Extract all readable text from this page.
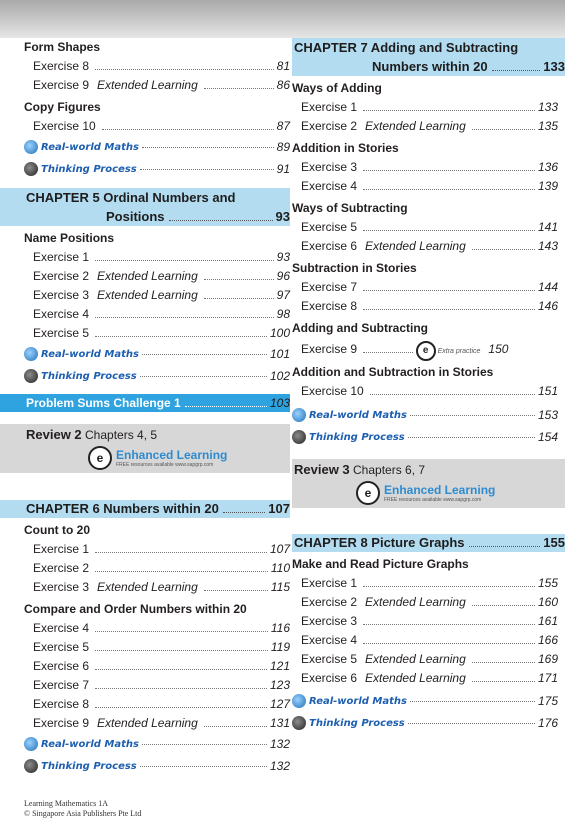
Form Shapes
Exercise 8	81
Exercise 9 Extended Learning	86
Copy Figures
Exercise 10	87
Real-world Maths	89
Thinking Process	91
CHAPTER 5 Ordinal Numbers and
Positions	93
Name Positions
Exercise 1	93
Exercise 2 Extended Learning	96
Exercise 3 Extended Learning	97
Exercise 4	98
Exercise 5	100
Real-world Maths	101
Thinking Process	102
Problem Sums Challenge 1	103
Review 2 Chapters 4, 5
e	Enhanced Learning
FREE resources available www.sapgrp.com
CHAPTER 6 Numbers within 20	107
Count to 20
Exercise 1	107
Exercise 2	110
Exercise 3 Extended Learning	115
Compare and Order Numbers within 20
Exercise 4	116
Exercise 5	119
Exercise 6	121
Exercise 7	123
Exercise 8	127
Exercise 9 Extended Learning	131
Real-world Maths	132
Thinking Process	132
CHAPTER 7 Adding and Subtracting
Numbers within 20	133
Ways of Adding
Exercise 1	133
Exercise 2 Extended Learning	135
Addition in Stories
Exercise 3	136
Exercise 4	139
Ways of Subtracting
Exercise 5	141
Exercise 6 Extended Learning	143
Subtraction in Stories
Exercise 7	144
Exercise 8	146
Adding and Subtracting
Exercise 9	e	Extra practice 150
Addition and Subtraction in Stories
Exercise 10	151
Real-world Maths	153
Thinking Process	154
Review 3 Chapters 6, 7
e	Enhanced Learning
FREE resources available www.sapgrp.com
CHAPTER 8 Picture Graphs	155
Make and Read Picture Graphs
Exercise 1	155
Exercise 2 Extended Learning	160
Exercise 3	161
Exercise 4	166
Exercise 5 Extended Learning	169
Exercise 6 Extended Learning	171
Real-world Maths	175
Thinking Process	176
Learning Mathematics 1A
© Singapore Asia Publishers Pte Ltd
